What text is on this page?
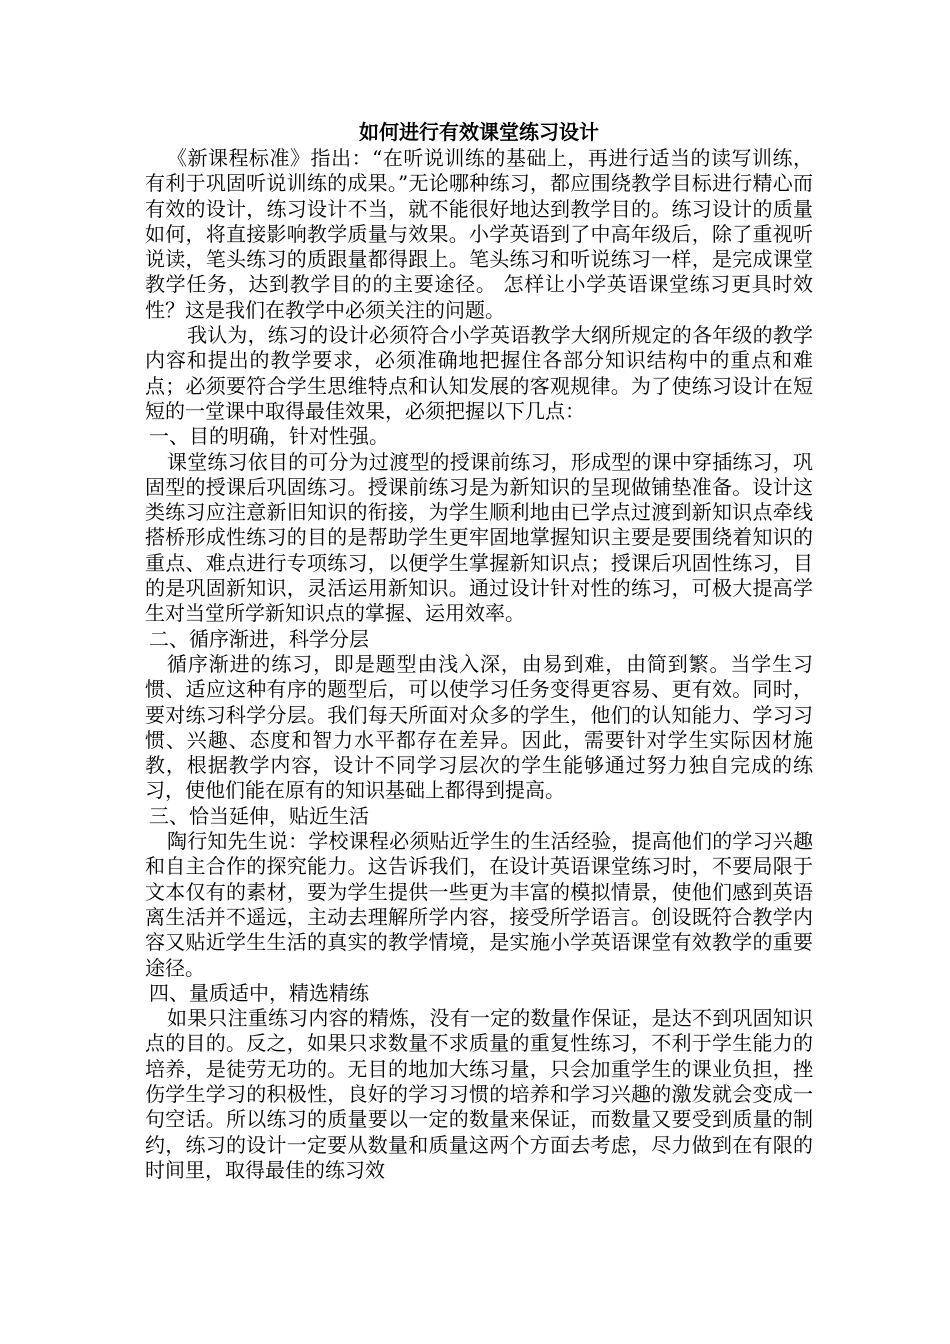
如何进行有效课堂练习设计

《新课程标准》指出：“在听说训练的基础上，再进行适当的读写训练，有利于巩固听说训练的成果。”无论哪种练习，都应围绕教学目标进行精心而有效的设计，练习设计不当，就不能很好地达到教学目的。练习设计的质量如何，将直接影响教学质量与效果。小学英语到了中高年级后，除了重视听说读，笔头练习的质跟量都得跟上。笔头练习和听说练习一样，是完成课堂教学任务，达到教学目的的主要途径。 怎样让小学英语课堂练习更具时效性？这是我们在教学中必须关注的问题。

我认为，练习的设计必须符合小学英语教学大纲所规定的各年级的教学内容和提出的教学要求，必须准确地把握住各部分知识结构中的重点和难点；必须要符合学生思维特点和认知发展的客观规律。为了使练习设计在短短的一堂课中取得最佳效果，必须把握以下几点：

一、目的明确，针对性强。

课堂练习依目的可分为过渡型的授课前练习，形成型的课中穿插练习，巩固型的授课后巩固练习。授课前练习是为新知识的呈现做铺垫准备。设计这类练习应注意新旧知识的衔接，为学生顺利地由已学点过渡到新知识点牵线搭桥形成性练习的目的是帮助学生更牢固地掌握知识主要是要围绕着知识的重点、难点进行专项练习，以便学生掌握新知识点；授课后巩固性练习，目的是巩固新知识，灵活运用新知识。通过设计针对性的练习，可极大提高学生对当堂所学新知识点的掌握、运用效率。

二、循序渐进，科学分层

循序渐进的练习，即是题型由浅入深，由易到难，由简到繁。当学生习惯、适应这种有序的题型后，可以使学习任务变得更容易、更有效。同时，要对练习科学分层。我们每天所面对众多的学生，他们的认知能力、学习习惯、兴趣、态度和智力水平都存在差异。因此，需要针对学生实际因材施教，根据教学内容，设计不同学习层次的学生能够通过努力独自完成的练习，使他们能在原有的知识基础上都得到提高。

三、恰当延伸，贴近生活

陶行知先生说：学校课程必须贴近学生的生活经验，提高他们的学习兴趣和自主合作的探究能力。这告诉我们，在设计英语课堂练习时，不要局限于文本仅有的素材，要为学生提供一些更为丰富的模拟情景，使他们感到英语离生活并不遥远，主动去理解所学内容，接受所学语言。创设既符合教学内容又贴近学生生活的真实的教学情境，是实施小学英语课堂有效教学的重要途径。

四、量质适中，精选精练

如果只注重练习内容的精炼，没有一定的数量作保证，是达不到巩固知识点的目的。反之，如果只求数量不求质量的重复性练习，不利于学生能力的培养，是徒劳无功的。无目的地加大练习量，只会加重学生的课业负担，挫伤学生学习的积极性，良好的学习习惯的培养和学习兴趣的激发就会变成一句空话。所以练习的质量要以一定的数量来保证，而数量又要受到质量的制约，练习的设计一定要从数量和质量这两个方面去考虑，尽力做到在有限的时间里，取得最佳的练习效
